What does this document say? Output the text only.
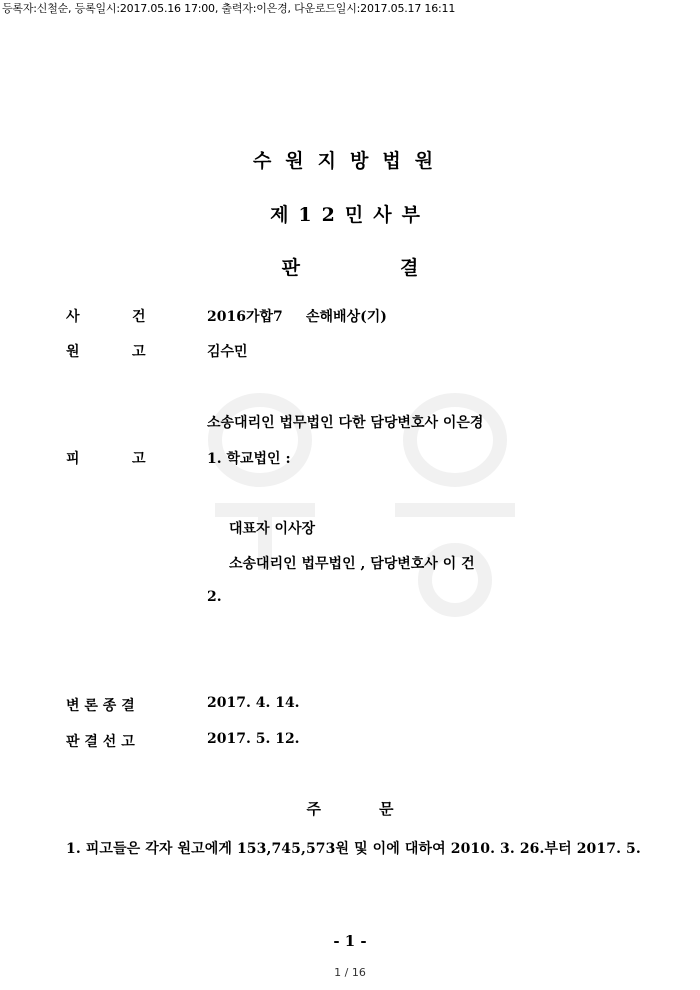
등록자:신철순, 등록일시:2017.05.16 17:00, 출력자:이은경, 다운로드일시:2017.05.17 16:11
수원지방법원
제12민사부
판	결
사	건	2016가합7 손해배상(기)
원	고	김수민
소송대리인 법무법인 다한 담당변호사 이은경
피	고	1. 학교법인 :
대표자 이사장
소송대리인 법무법인 , 담당변호사 이 건
2.
변 론 종 결	2017. 4. 14.
판 결 선 고	2017. 5. 12.
주	문
1. 피고들은 각자 원고에게 153,745,573원 및 이에 대하여 2010. 3. 26.부터 2017. 5.
- 1 -
1 / 16
